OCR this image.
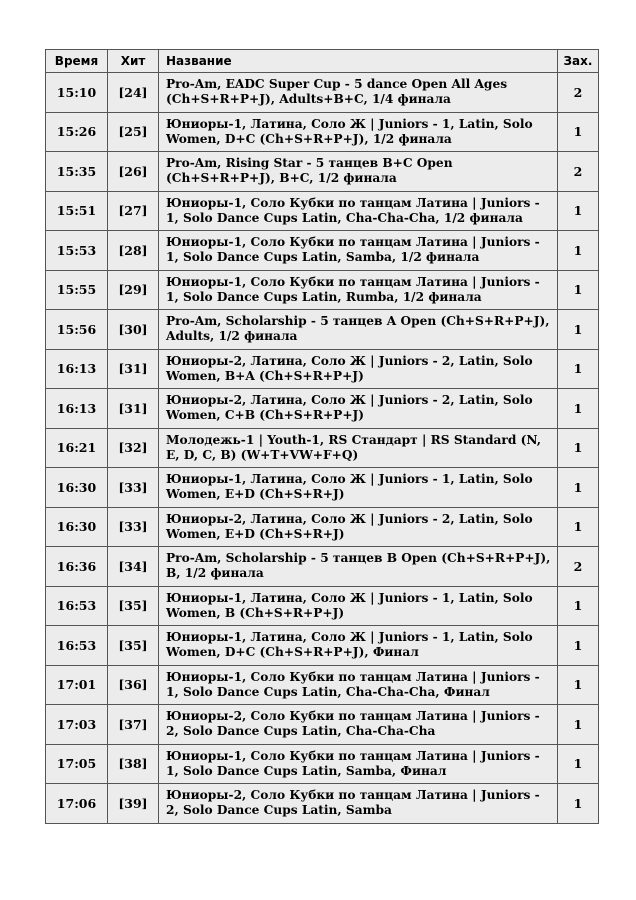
Время	Хит	Название	Зах.
15:10	[24]	Pro-Am, EADC Super Cup - 5 dance Open All Ages (Ch+S+R+P+J), Adults+B+C, 1/4 финала	2
15:26	[25]	Юниоры-1, Латина, Соло Ж | Juniors - 1, Latin, Solo Women, D+C (Ch+S+R+P+J), 1/2 финала	1
15:35	[26]	Pro-Am, Rising Star - 5 танцев B+C Open (Ch+S+R+P+J), B+C, 1/2 финала	2
15:51	[27]	Юниоры-1, Соло Кубки по танцам Латина | Juniors - 1, Solo Dance Cups Latin, Cha-Cha-Cha, 1/2 финала	1
15:53	[28]	Юниоры-1, Соло Кубки по танцам Латина | Juniors - 1, Solo Dance Cups Latin, Samba, 1/2 финала	1
15:55	[29]	Юниоры-1, Соло Кубки по танцам Латина | Juniors - 1, Solo Dance Cups Latin, Rumba, 1/2 финала	1
15:56	[30]	Pro-Am, Scholarship - 5 танцев A Open (Ch+S+R+P+J), Adults, 1/2 финала	1
16:13	[31]	Юниоры-2, Латина, Соло Ж | Juniors - 2, Latin, Solo Women, B+A (Ch+S+R+P+J)	1
16:13	[31]	Юниоры-2, Латина, Соло Ж | Juniors - 2, Latin, Solo Women, C+B (Ch+S+R+P+J)	1
16:21	[32]	Молодежь-1 | Youth-1, RS Стандарт | RS Standard (N, E, D, C, B) (W+T+VW+F+Q)	1
16:30	[33]	Юниоры-1, Латина, Соло Ж | Juniors - 1, Latin, Solo Women, E+D (Ch+S+R+J)	1
16:30	[33]	Юниоры-2, Латина, Соло Ж | Juniors - 2, Latin, Solo Women, E+D (Ch+S+R+J)	1
16:36	[34]	Pro-Am, Scholarship - 5 танцев B Open (Ch+S+R+P+J), B, 1/2 финала	2
16:53	[35]	Юниоры-1, Латина, Соло Ж | Juniors - 1, Latin, Solo Women, B (Ch+S+R+P+J)	1
16:53	[35]	Юниоры-1, Латина, Соло Ж | Juniors - 1, Latin, Solo Women, D+C (Ch+S+R+P+J), Финал	1
17:01	[36]	Юниоры-1, Соло Кубки по танцам Латина | Juniors - 1, Solo Dance Cups Latin, Cha-Cha-Cha, Финал	1
17:03	[37]	Юниоры-2, Соло Кубки по танцам Латина | Juniors - 2, Solo Dance Cups Latin, Cha-Cha-Cha	1
17:05	[38]	Юниоры-1, Соло Кубки по танцам Латина | Juniors - 1, Solo Dance Cups Latin, Samba, Финал	1
17:06	[39]	Юниоры-2, Соло Кубки по танцам Латина | Juniors - 2, Solo Dance Cups Latin, Samba	1
